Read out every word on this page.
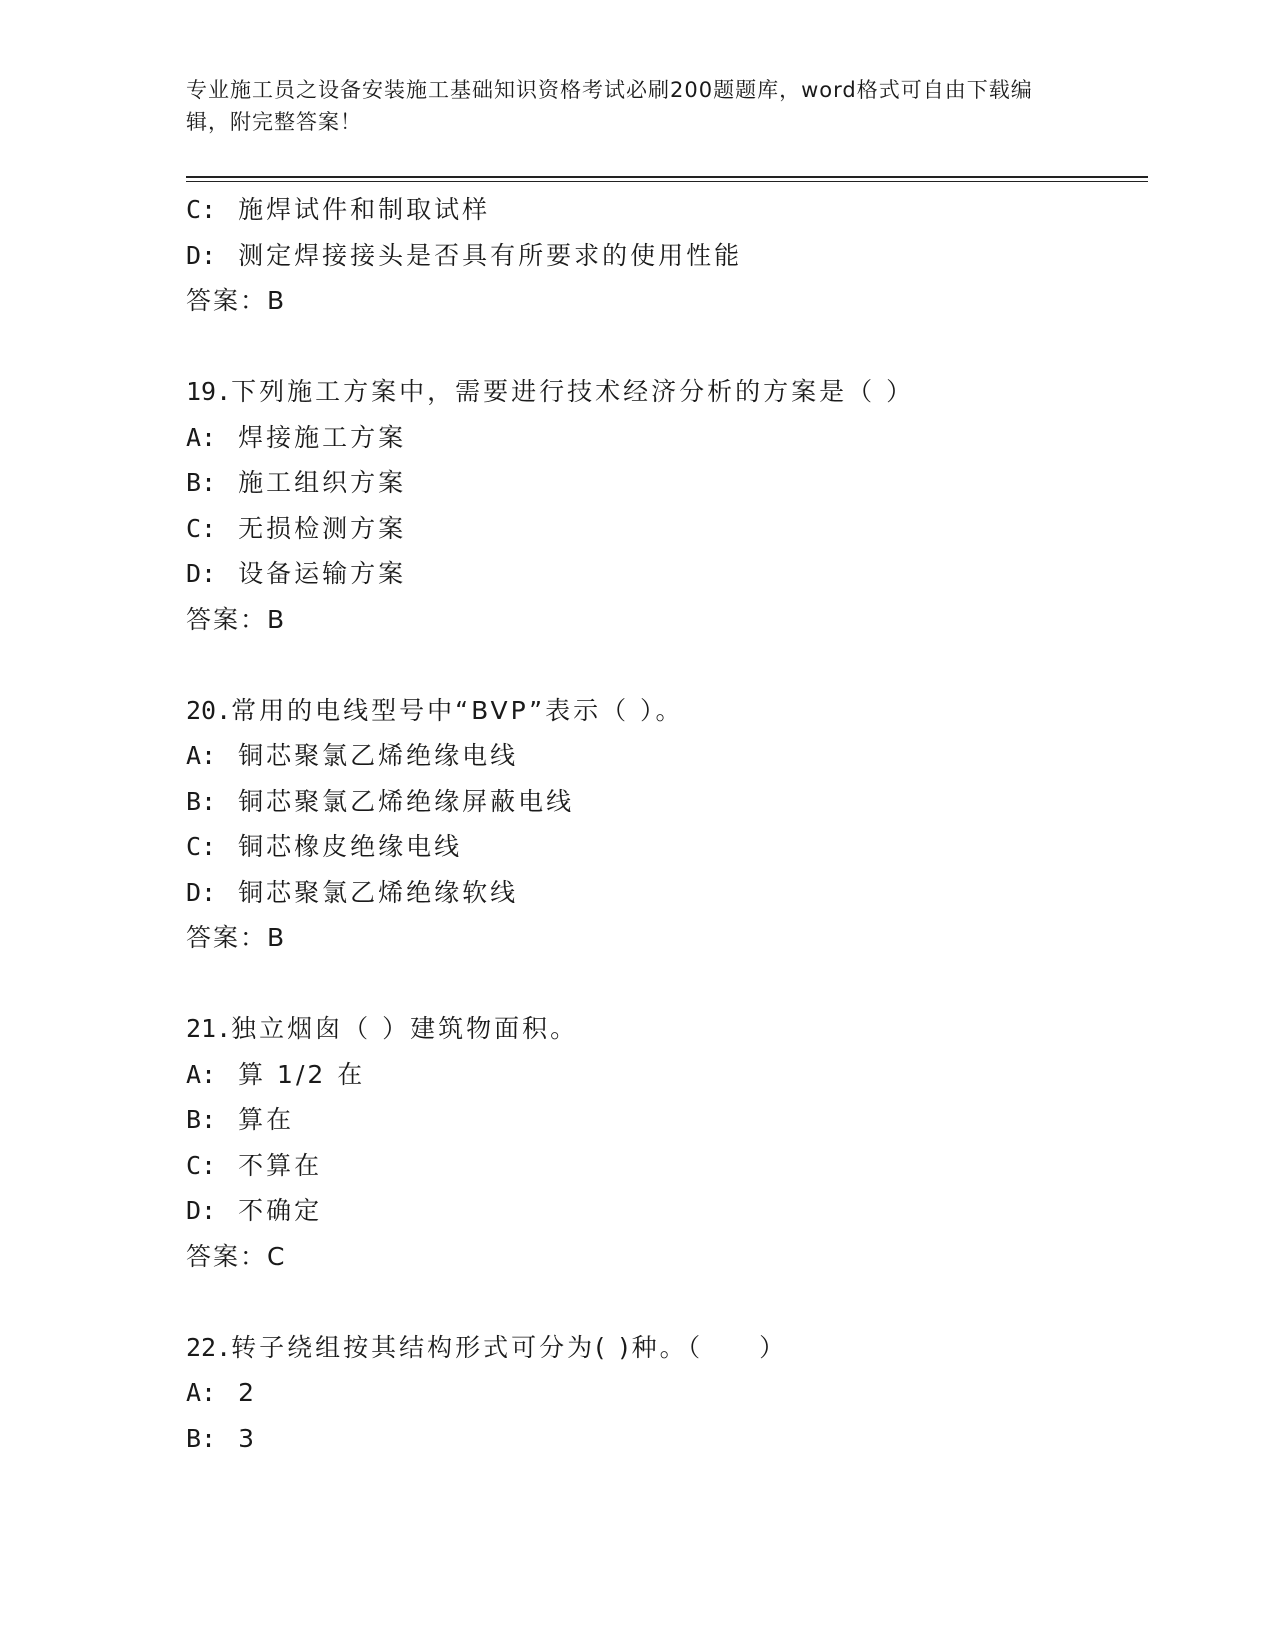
专业施工员之设备安装施工基础知识资格考试必刷200题题库，word格式可自由下载编辑，附完整答案！
C: 施焊试件和制取试样
D: 测定焊接接头是否具有所要求的使用性能
答案：B
19.下列施工方案中，需要进行技术经济分析的方案是（ ）
A: 焊接施工方案
B: 施工组织方案
C: 无损检测方案
D: 设备运输方案
答案：B
20.常用的电线型号中“BVP”表示（ ）。
A: 铜芯聚氯乙烯绝缘电线
B: 铜芯聚氯乙烯绝缘屏蔽电线
C: 铜芯橡皮绝缘电线
D: 铜芯聚氯乙烯绝缘软线
答案：B
21.独立烟囱（ ）建筑物面积。
A: 算 1/2 在
B: 算在
C: 不算在
D: 不确定
答案：C
22.转子绕组按其结构形式可分为( )种。（　　）
A: 2
B: 3
